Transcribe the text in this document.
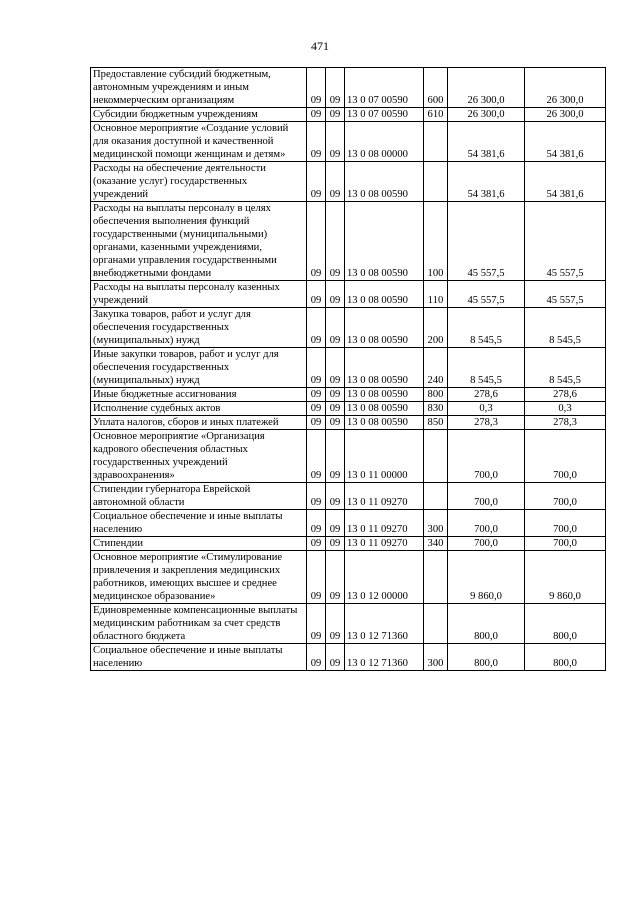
471
Предоставление субсидий бюджетным, автономным учреждениям и иным некоммерческим организациям	09	09	13 0 07 00590	600	26 300,0	26 300,0
Субсидии бюджетным учреждениям	09	09	13 0 07 00590	610	26 300,0	26 300,0
Основное мероприятие «Создание условий для оказания доступной и качественной медицинской помощи женщинам и детям»	09	09	13 0 08 00000		54 381,6	54 381,6
Расходы на обеспечение деятельности (оказание услуг) государственных учреждений	09	09	13 0 08 00590		54 381,6	54 381,6
Расходы на выплаты персоналу в целях обеспечения выполнения функций государственными (муниципальными) органами, казенными учреждениями, органами управления государственными внебюджетными фондами	09	09	13 0 08 00590	100	45 557,5	45 557,5
Расходы на выплаты персоналу казенных учреждений	09	09	13 0 08 00590	110	45 557,5	45 557,5
Закупка товаров, работ и услуг для обеспечения государственных (муниципальных) нужд	09	09	13 0 08 00590	200	8 545,5	8 545,5
Иные закупки товаров, работ и услуг для обеспечения государственных (муниципальных) нужд	09	09	13 0 08 00590	240	8 545,5	8 545,5
Иные бюджетные ассигнования	09	09	13 0 08 00590	800	278,6	278,6
Исполнение судебных актов	09	09	13 0 08 00590	830	0,3	0,3
Уплата налогов, сборов и иных платежей	09	09	13 0 08 00590	850	278,3	278,3
Основное мероприятие «Организация кадрового обеспечения областных государственных учреждений здравоохранения»	09	09	13 0 11 00000		700,0	700,0
Стипендии губернатора Еврейской автономной области	09	09	13 0 11 09270		700,0	700,0
Социальное обеспечение и иные выплаты населению	09	09	13 0 11 09270	300	700,0	700,0
Стипендии	09	09	13 0 11 09270	340	700,0	700,0
Основное мероприятие «Стимулирование привлечения и закрепления медицинских работников, имеющих высшее и среднее медицинское образование»	09	09	13 0 12 00000		9 860,0	9 860,0
Единовременные компенсационные выплаты медицинским работникам за счет средств областного бюджета	09	09	13 0 12 71360		800,0	800,0
Социальное обеспечение и иные выплаты населению	09	09	13 0 12 71360	300	800,0	800,0
